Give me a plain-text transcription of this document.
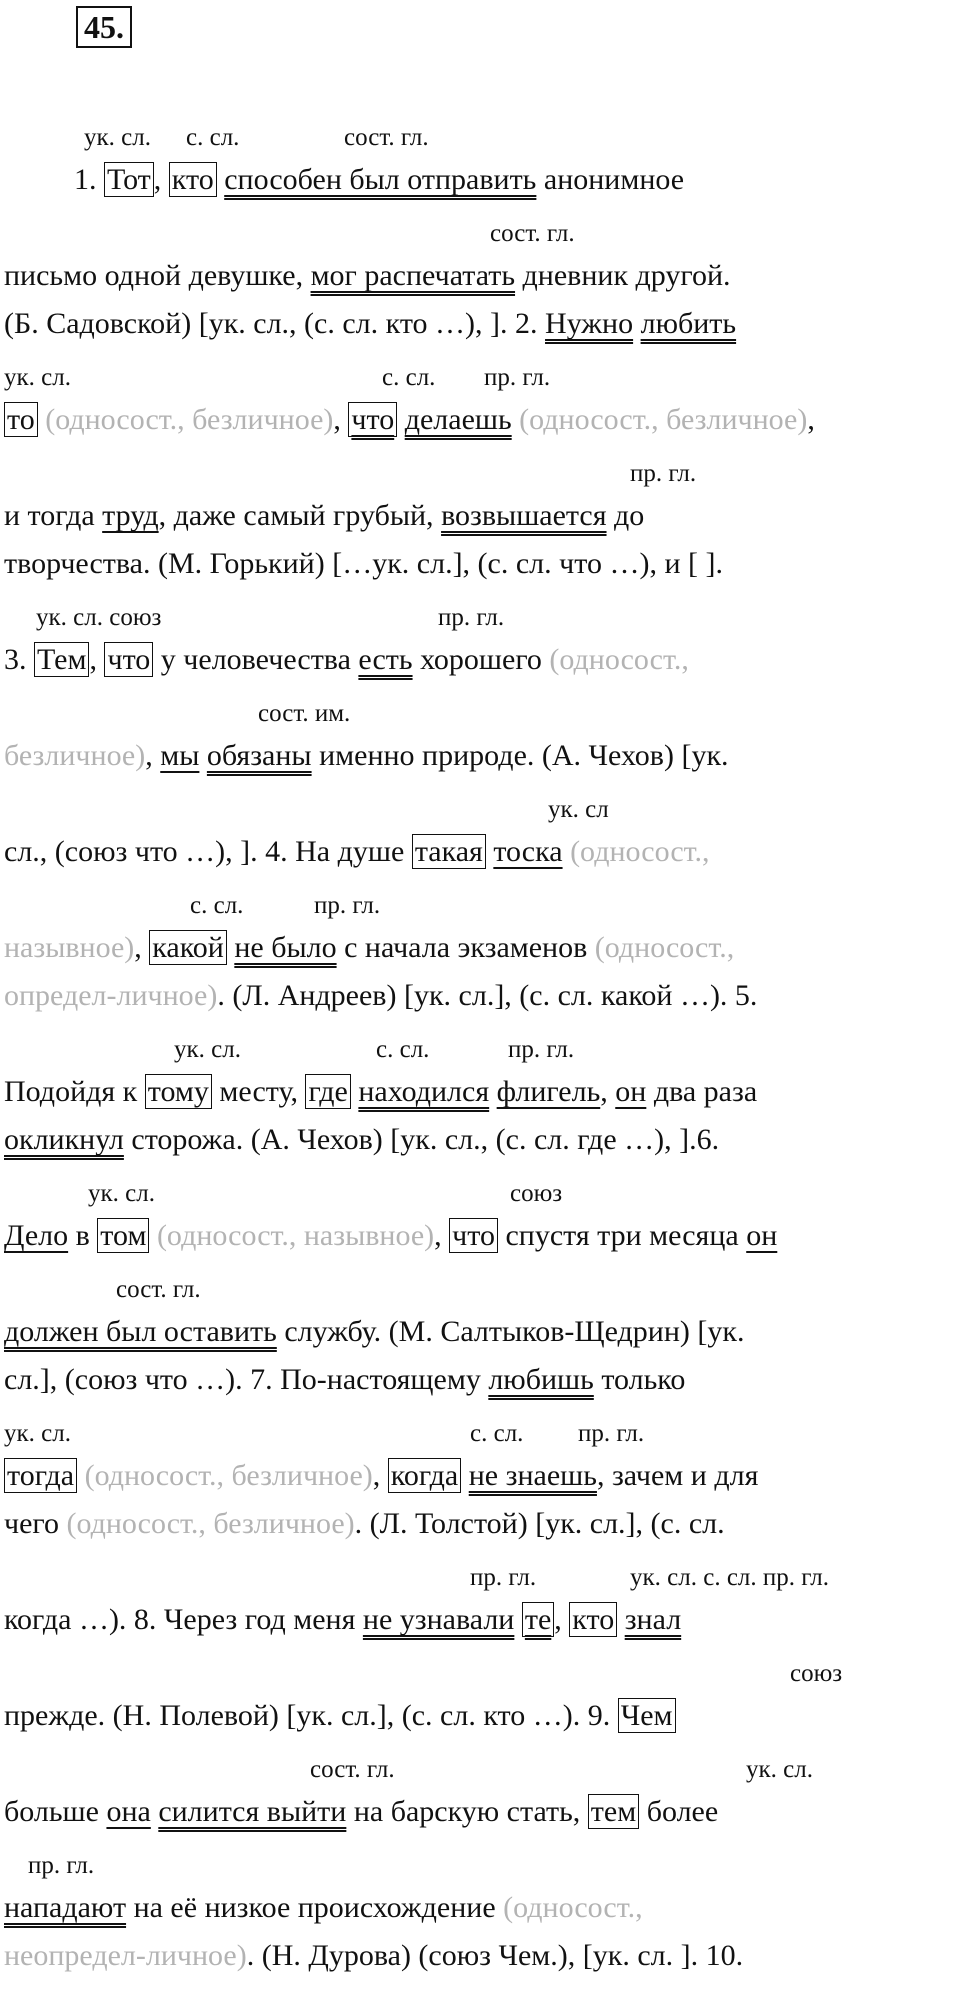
45.
ук. сл. с. сл.	сост. гл.
1. Тот , кто способен был отправить анонимное
сост. гл.
письмо одной девушке, мог распечатать дневник другой.
(Б. Садовской) [ук. сл., (с. сл. кто …), ]. 2. Нужно любить
ук. сл.	с. сл. пр. гл.
то (односост., безличное), что делаешь (односост., безличное),
пр. гл.
и тогда труд, даже самый грубый, возвышается до
творчества. (М. Горький) […ук. сл.], (с. сл. что …), и [ ].
ук. сл. союз	пр. гл.
3. Тем , что у человечества есть хорошего (односост.,
сост. им.
безличное), мы обязаны именно природе. (А. Чехов) [ук.
ук. сл
сл., (союз что …), ]. 4. На душе такая тоска (односост.,
с. сл.	пр. гл.
назывное), какой не было с начала экзаменов (односост.,
определ-личное). (Л. Андреев) [ук. сл.], (с. сл. какой …). 5.
ук. сл.	с. сл.	пр. гл.
Подойдя к тому месту, где находился флигель, он два раза
окликнул сторожа. (А. Чехов) [ук. сл., (с. сл. где …), ].6.
ук. сл.	союз
Дело в том (односост., назывное), что спустя три месяца он
сост. гл.
должен был оставить службу. (М. Салтыков-Щедрин) [ук.
сл.], (союз что …). 7. По-настоящему любишь только
ук. сл.	с. сл. пр. гл.
тогда (односост., безличное), когда не знаешь, зачем и для
чего (односост., безличное). (Л. Толстой) [ук. сл.], (с. сл.
пр. гл.	ук. сл. с. сл. пр. гл.
когда …). 8. Через год меня не узнавали те , кто знал
союз
прежде. (Н. Полевой) [ук. сл.], (с. сл. кто …). 9. Чем
сост. гл.	ук. сл.
больше она силится выйти на барскую стать, тем более
пр. гл.
нападают на её низкое происхождение (односост.,
неопредел-личное). (Н. Дурова) (союз Чем.), [ук. сл. ]. 10.
